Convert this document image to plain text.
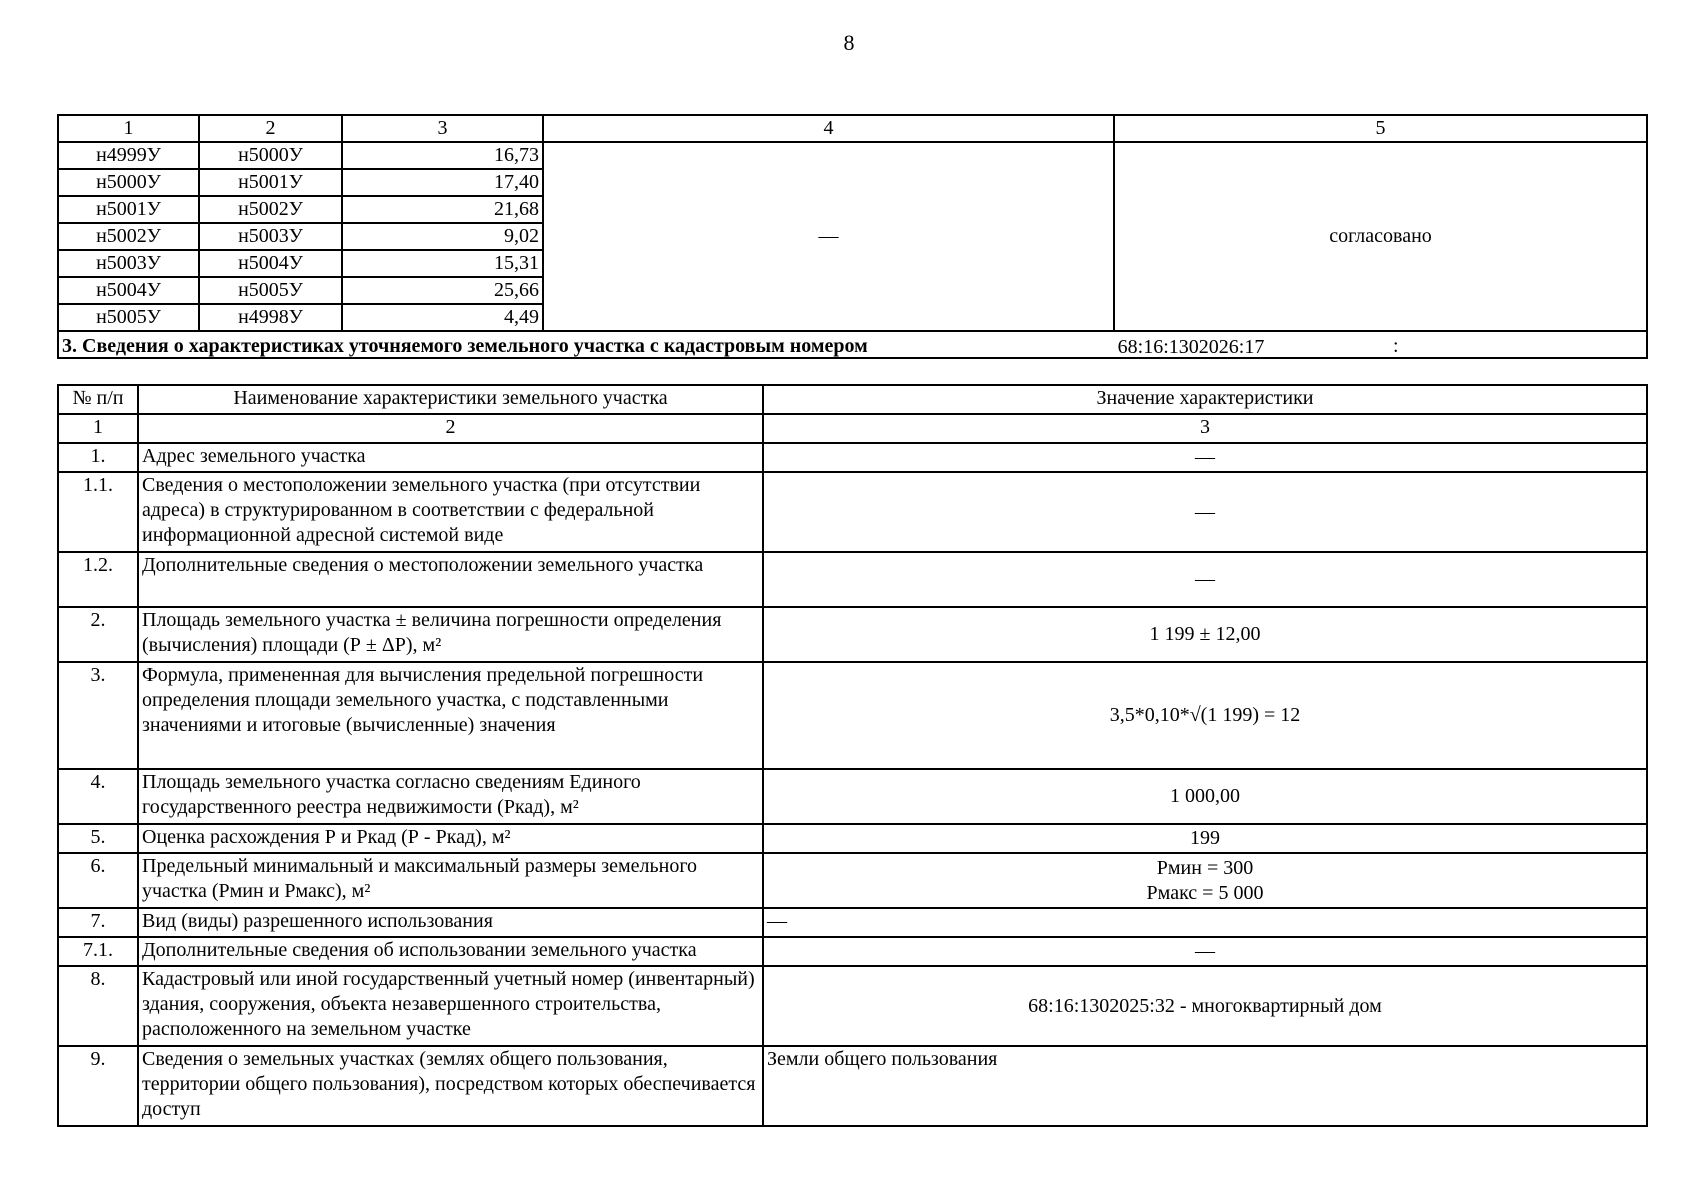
8
1	2	3	4	5
н4999У	н5000У	16,73	—	согласовано
н5000У	н5001У	17,40		
н5001У	н5002У	21,68		
н5002У	н5003У	9,02		
н5003У	н5004У	15,31		
н5004У	н5005У	25,66		
н5005У	н4998У	4,49		

3. Сведения о характеристиках уточняемого земельного участка с кадастровым номером 68:16:1302026:17 :				
№ п/п	Наименование характеристики земельного участка	Значение характеристики
1	2	3
1.	Адрес земельного участка	—
1.1.	Сведения о местоположении земельного участка (при отсутствии адреса) в структурированном в соответствии с федеральной информационной адресной системой виде	—
1.2.	Дополнительные сведения о местоположении земельного участка	—
2.	Площадь земельного участка ± величина погрешности определения (вычисления) площади (Р ± ΔР), м²	1 199 ± 12,00
3.	Формула, примененная для вычисления предельной погрешности определения площади земельного участка, с подставленными значениями и итоговые (вычисленные) значения	3,5*0,10*√(1 199) = 12
4.	Площадь земельного участка согласно сведениям Единого государственного реестра недвижимости (Ркад), м²	1 000,00
5.	Оценка расхождения Р и Ркад (Р - Ркад), м²	199
6.	Предельный минимальный и максимальный размеры земельного участка (Рмин и Рмакс), м²	Рмин = 300
Рмакс = 5 000

7.	Вид (виды) разрешенного использования	—
7.1.	Дополнительные сведения об использовании земельного участка	—
8.	Кадастровый или иной государственный учетный номер (инвентарный) здания, сооружения, объекта незавершенного строительства, расположенного на земельном участке	68:16:1302025:32 - многоквартирный дом
9.	Сведения о земельных участках (землях общего пользования, территории общего пользования), посредством которых обеспечивается доступ	Земли общего пользования
